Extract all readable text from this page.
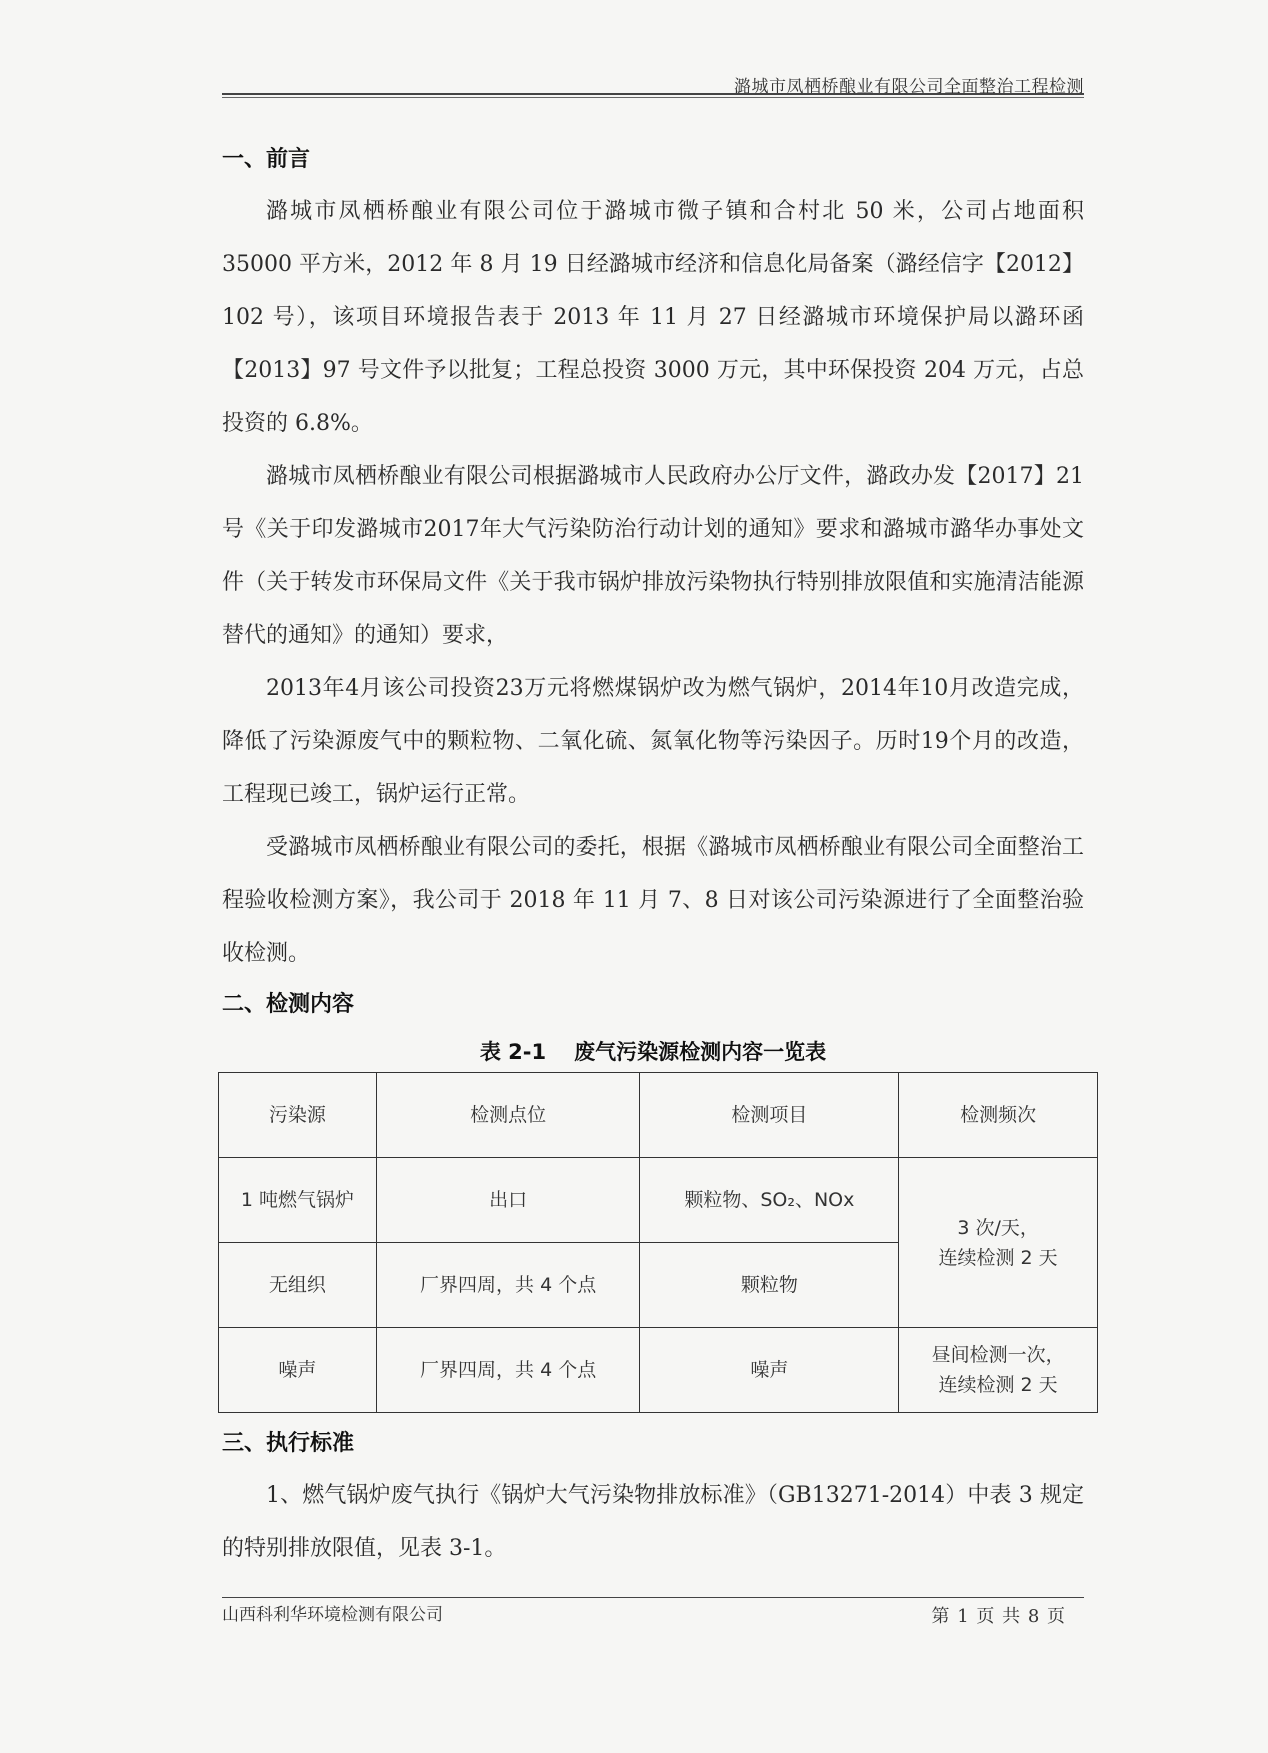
潞城市凤栖桥酿业有限公司全面整治工程检测
一、前言

潞城市凤栖桥酿业有限公司位于潞城市微子镇和合村北 50 米，公司占地面积 35000 平方米，2012 年 8 月 19 日经潞城市经济和信息化局备案（潞经信字【2012】102 号），该项目环境报告表于 2013 年 11 月 27 日经潞城市环境保护局以潞环函【2013】97 号文件予以批复；工程总投资 3000 万元，其中环保投资 204 万元，占总投资的 6.8%。

潞城市凤栖桥酿业有限公司根据潞城市人民政府办公厅文件，潞政办发【2017】21号《关于印发潞城市2017年大气污染防治行动计划的通知》要求和潞城市潞华办事处文件（关于转发市环保局文件《关于我市锅炉排放污染物执行特别排放限值和实施清洁能源替代的通知》的通知）要求，

2013年4月该公司投资23万元将燃煤锅炉改为燃气锅炉，2014年10月改造完成，降低了污染源废气中的颗粒物、二氧化硫、氮氧化物等污染因子。历时19个月的改造，工程现已竣工，锅炉运行正常。

受潞城市凤栖桥酿业有限公司的委托，根据《潞城市凤栖桥酿业有限公司全面整治工程验收检测方案》，我公司于 2018 年 11 月 7、8 日对该公司污染源进行了全面整治验收检测。

二、检测内容
表 2-1 废气污染源检测内容一览表
污染源	检测点位	检测项目	检测频次
1 吨燃气锅炉	出口	颗粒物、SO₂、NOx	3 次/天，
连续检测 2 天

无组织	厂界四周，共 4 个点	颗粒物	
噪声	厂界四周，共 4 个点	噪声	昼间检测一次，
连续检测 2 天
三、执行标准

1、燃气锅炉废气执行《锅炉大气污染物排放标准》（GB13271-2014）中表 3 规定的特别排放限值，见表 3-1。

山西科利华环境检测有限公司	第 1 页 共 8 页
